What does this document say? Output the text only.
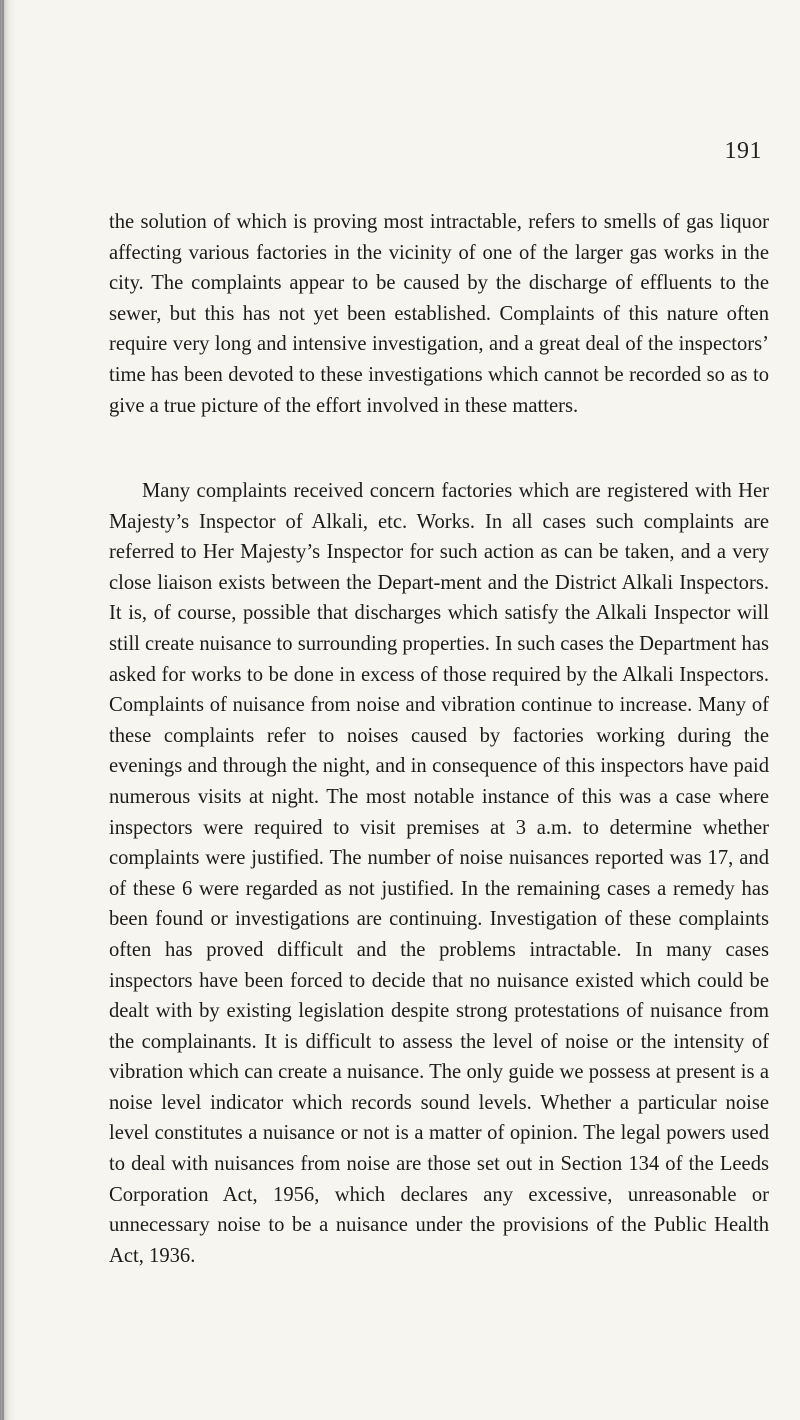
191

the solution of which is proving most intractable, refers to smells of gas liquor affecting various factories in the vicinity of one of the larger gas works in the city. The complaints appear to be caused by the discharge of effluents to the sewer, but this has not yet been established. Complaints of this nature often require very long and intensive investigation, and a great deal of the inspectors’ time has been devoted to these investigations which cannot be recorded so as to give a true picture of the effort involved in these matters.

Many complaints received concern factories which are registered with Her Majesty’s Inspector of Alkali, etc. Works. In all cases such complaints are referred to Her Majesty’s Inspector for such action as can be taken, and a very close liaison exists between the Depart-ment and the District Alkali Inspectors. It is, of course, possible that discharges which satisfy the Alkali Inspector will still create nuisance to surrounding properties. In such cases the Department has asked for works to be done in excess of those required by the Alkali Inspectors. Complaints of nuisance from noise and vibration continue to increase. Many of these complaints refer to noises caused by factories working during the evenings and through the night, and in consequence of this inspectors have paid numerous visits at night. The most notable instance of this was a case where inspectors were required to visit premises at 3 a.m. to determine whether complaints were justified. The number of noise nuisances reported was 17, and of these 6 were regarded as not justified. In the remaining cases a remedy has been found or investigations are continuing. Investigation of these complaints often has proved difficult and the problems intractable. In many cases inspectors have been forced to decide that no nuisance existed which could be dealt with by existing legislation despite strong protestations of nuisance from the complainants. It is difficult to assess the level of noise or the intensity of vibration which can create a nuisance. The only guide we possess at present is a noise level indicator which records sound levels. Whether a particular noise level constitutes a nuisance or not is a matter of opinion. The legal powers used to deal with nuisances from noise are those set out in Section 134 of the Leeds Corporation Act, 1956, which declares any excessive, unreasonable or unnecessary noise to be a nuisance under the provisions of the Public Health Act, 1936.
